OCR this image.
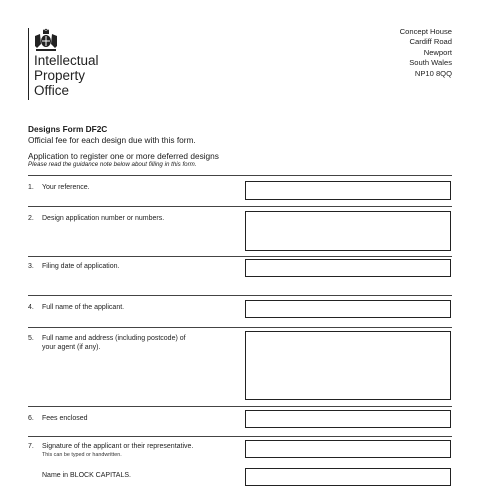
Intellectual
Property
Office
Concept House
Cardiff Road
Newport
South Wales
NP10 8QQ
Designs Form DF2C
Official fee for each design due with this form.
Application to register one or more deferred designs
Please read the guidance note below about filling in this form.
1. Your reference.
2. Design application number or numbers.
3. Filing date of application.
4. Full name of the applicant.
5. Full name and address (including postcode) of
your agent (if any).
6. Fees enclosed
7. Signature of the applicant or their representative.
This can be typed or handwritten.
Name in BLOCK CAPITALS.
